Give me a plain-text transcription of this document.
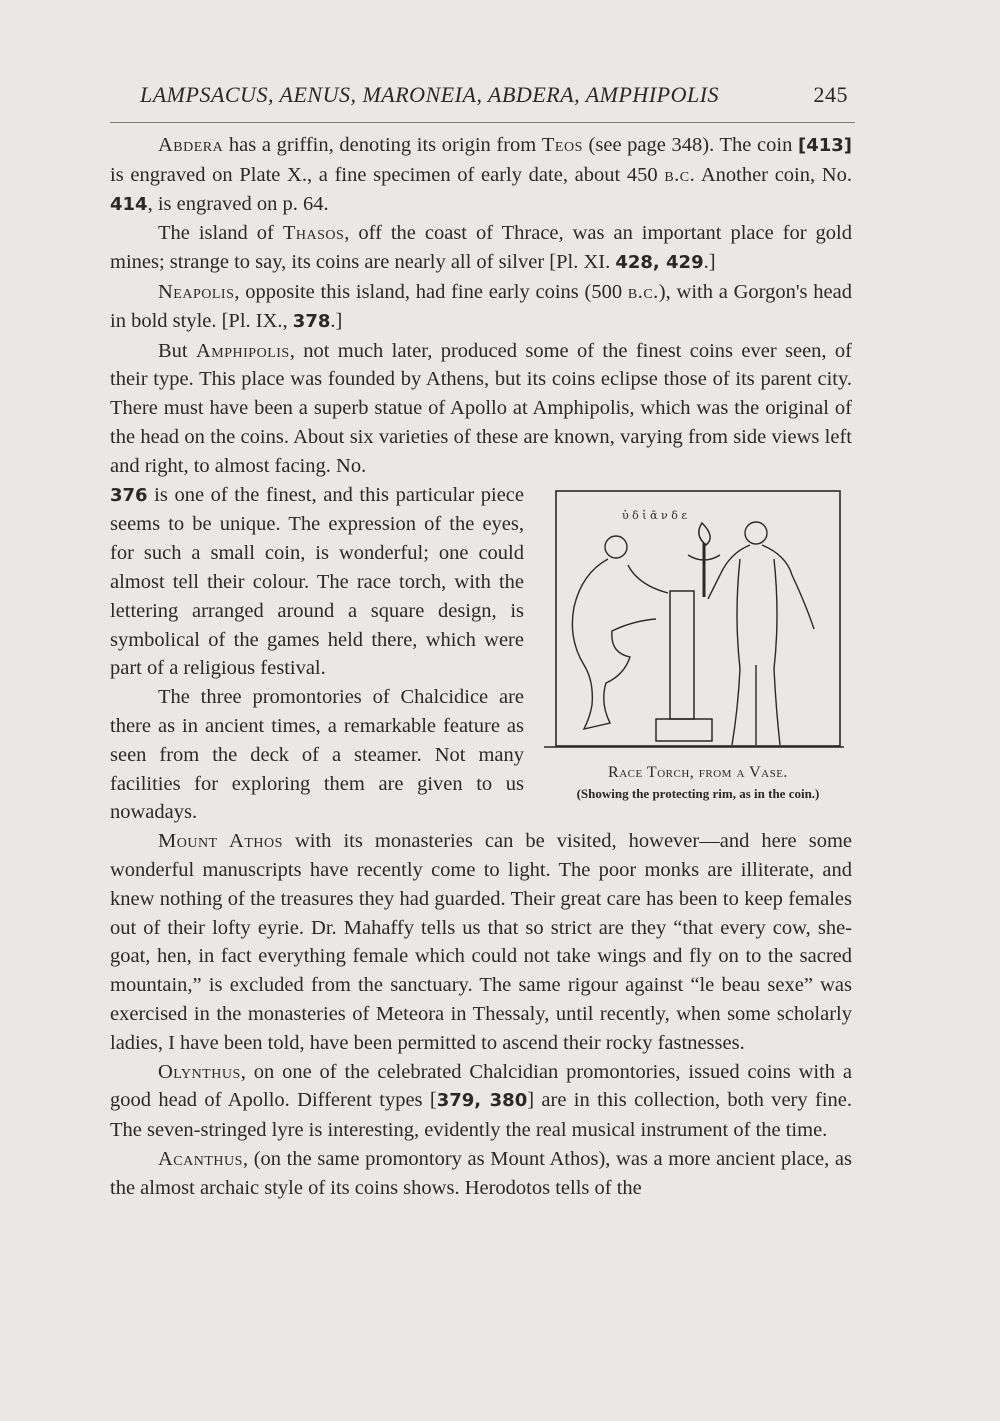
LAMPSACUS, AENUS, MARONEIA, ABDERA, AMPHIPOLIS	245

Abdera has a griffin, denoting its origin from Teos (see page 348). The coin [413] is engraved on Plate X., a fine specimen of early date, about 450 b.c. Another coin, No. 414, is engraved on p. 64.

The island of Thasos, off the coast of Thrace, was an important place for gold mines; strange to say, its coins are nearly all of silver [Pl. XI. 428, 429.]

Neapolis, opposite this island, had fine early coins (500 b.c.), with a Gorgon's head in bold style. [Pl. IX., 378.]

But Amphipolis, not much later, produced some of the finest coins ever seen, of their type. This place was founded by Athens, but its coins eclipse those of its parent city. There must have been a superb statue of Apollo at Amphipolis, which was the original of the head on the coins. About six varieties of these are known, varying from side views left and right, to almost facing. No.

ὐ δ ἰ ᾶ ν δ ε
Race Torch, from a Vase.
(Showing the protecting rim, as in the coin.)

376 is one of the finest, and this particular piece seems to be unique. The expression of the eyes, for such a small coin, is wonderful; one could almost tell their colour. The race torch, with the lettering arranged around a square design, is symbolical of the games held there, which were part of a religious festival.

The three promontories of Chalcidice are there as in ancient times, a remarkable feature as seen from the deck of a steamer. Not many facilities for exploring them are given to us nowadays.

Mount Athos with its monasteries can be visited, however—and here some wonderful manuscripts have recently come to light. The poor monks are illiterate, and knew nothing of the treasures they had guarded. Their great care has been to keep females out of their lofty eyrie. Dr. Mahaffy tells us that so strict are they “that every cow, she-goat, hen, in fact everything female which could not take wings and fly on to the sacred mountain,” is excluded from the sanctuary. The same rigour against “le beau sexe” was exercised in the monasteries of Meteora in Thessaly, until recently, when some scholarly ladies, I have been told, have been permitted to ascend their rocky fastnesses.

Olynthus, on one of the celebrated Chalcidian promontories, issued coins with a good head of Apollo. Different types [379, 380] are in this collection, both very fine. The seven-stringed lyre is interesting, evidently the real musical instrument of the time.

Acanthus, (on the same promontory as Mount Athos), was a more ancient place, as the almost archaic style of its coins shows. Herodotos tells of the
